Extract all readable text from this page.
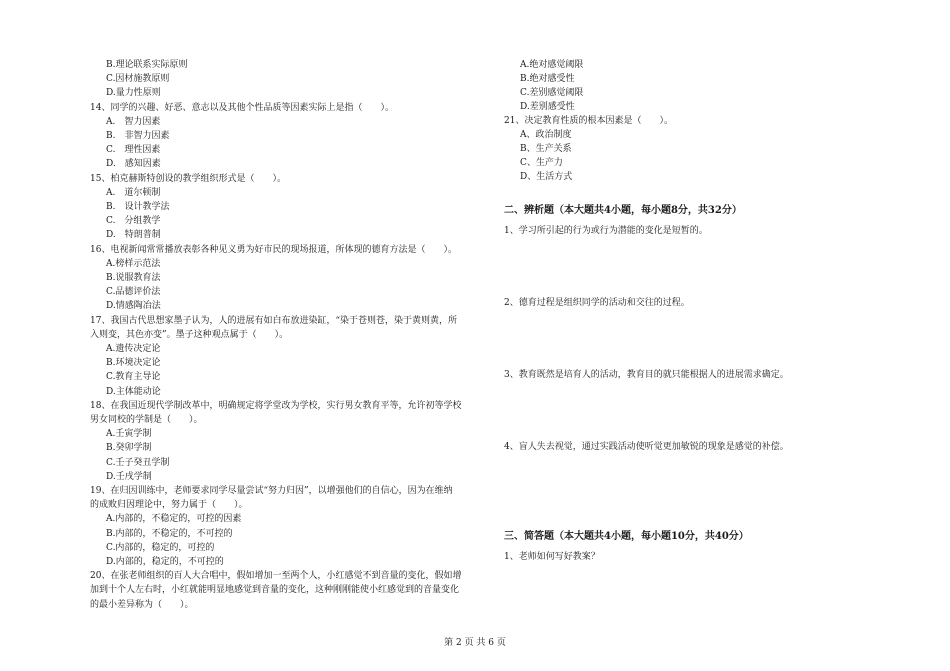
B.理论联系实际原则
C.因材施教原则
D.量力性原则
14、同学的兴趣、好恶、意志以及其他个性品质等因素实际上是指（　　）。
A.　智力因素
B.　非智力因素
C.　理性因素
D.　感知因素
15、柏克赫斯特创设的教学组织形式是（　　）。
A.　道尔顿制
B.　设计教学法
C.　分组教学
D.　特朗普制
16、电视新闻常常播放表彰各种见义勇为好市民的现场报道，所体现的德育方法是（　　）。
A.榜样示范法
B.说服教育法
C.品德评价法
D.情感陶冶法
17、我国古代思想家墨子认为，人的进展有如白布放进染缸，“染于苍则苍，染于黄则黄，所
入则变，其色亦变”。墨子这种观点属于（　　）。
A.遗传决定论
B.环境决定论
C.教育主导论
D.主体能动论
18、在我国近现代学制改革中，明确规定将学堂改为学校，实行男女教育平等，允许初等学校
男女同校的学制是（　　）。
A.壬寅学制
B.癸卯学制
C.壬子癸丑学制
D.壬戌学制
19、在归因训练中，老师要求同学尽量尝试“努力归因”，以增强他们的自信心，因为在维纳
的成败归因理论中，努力属于（　　）。
A.内部的，不稳定的，可控的因素
B.内部的，不稳定的，不可控的
C.内部的，稳定的，可控的
D.内部的，稳定的，不可控的
20、在张老师组织的百人大合唱中，假如增加一至两个人，小红感觉不到音量的变化，假如增
加到十个人左右时，小红就能明显地感觉到音量的变化，这种刚刚能使小红感觉到的音量变化
的最小差异称为（　　）。
A.绝对感觉阈限
B.绝对感受性
C.差别感觉阈限
D.差别感受性
21、决定教育性质的根本因素是（　　）。
A、政治制度
B、生产关系
C、生产力
D、生活方式
二、辨析题（本大题共4小题，每小题8分，共32分）
1、学习所引起的行为或行为潜能的变化是短暂的。
2、德育过程是组织同学的活动和交往的过程。
3、教育既然是培育人的活动，教育目的就只能根据人的进展需求确定。
4、盲人失去视觉，通过实践活动使听觉更加敏锐的现象是感觉的补偿。
三、简答题（本大题共4小题，每小题10分，共40分）
1、老师如何写好教案？
第 2 页 共 6 页
